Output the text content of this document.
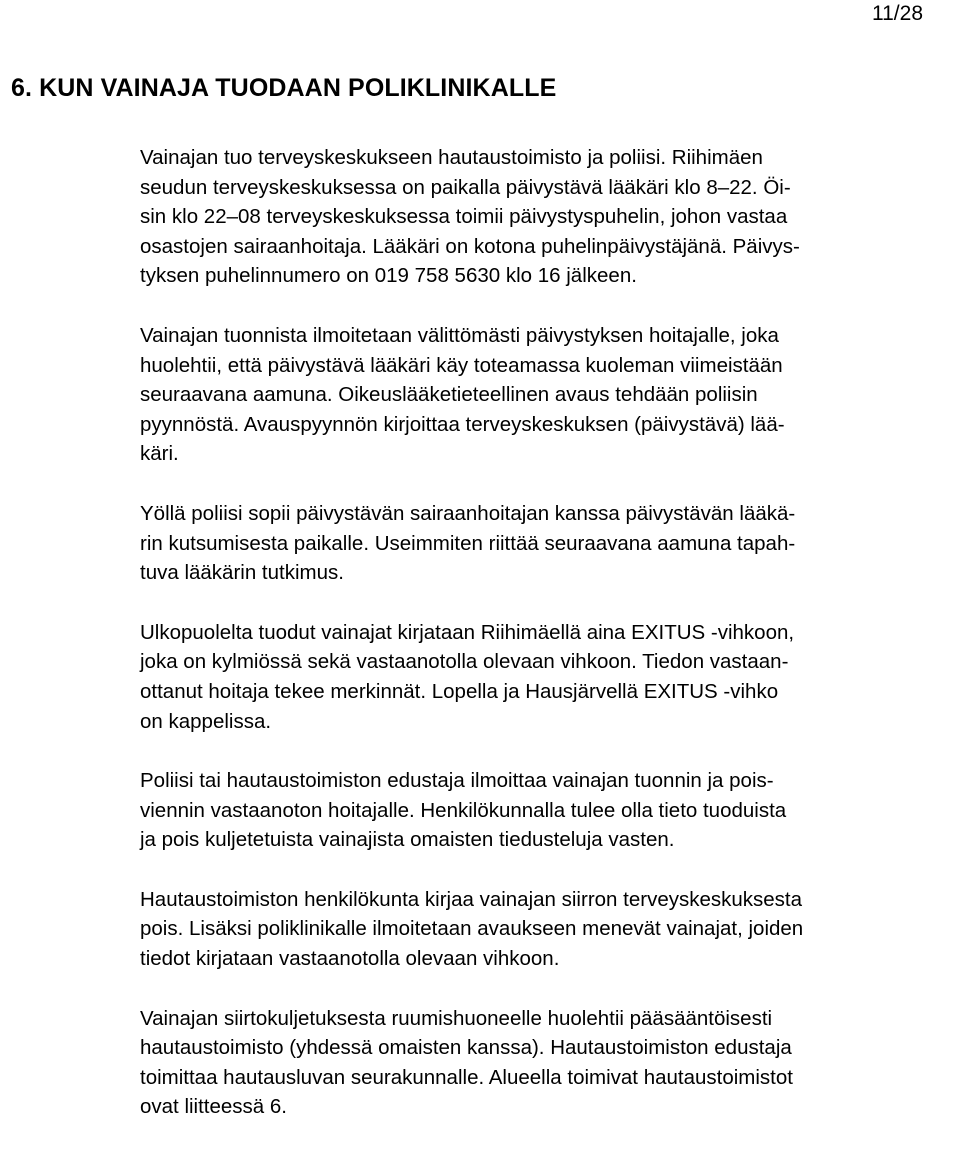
11/28

6. KUN VAINAJA TUODAAN POLIKLINIKALLE

Vainajan tuo terveyskeskukseen hautaustoimisto ja poliisi. Riihimäen
seudun terveyskeskuksessa on paikalla päivystävä lääkäri klo 8–22. Öi-
sin klo 22–08 terveyskeskuksessa toimii päivystyspuhelin, johon vastaa
osastojen sairaanhoitaja. Lääkäri on kotona puhelinpäivystäjänä. Päivys-
tyksen puhelinnumero on 019 758 5630 klo 16 jälkeen.

Vainajan tuonnista ilmoitetaan välittömästi päivystyksen hoitajalle, joka
huolehtii, että päivystävä lääkäri käy toteamassa kuoleman viimeistään
seuraavana aamuna. Oikeuslääketieteellinen avaus tehdään poliisin
pyynnöstä. Avauspyynnön kirjoittaa terveyskeskuksen (päivystävä) lää-
käri.

Yöllä poliisi sopii päivystävän sairaanhoitajan kanssa päivystävän lääkä-
rin kutsumisesta paikalle. Useimmiten riittää seuraavana aamuna tapah-
tuva lääkärin tutkimus.

Ulkopuolelta tuodut vainajat kirjataan Riihimäellä aina EXITUS -vihkoon,
joka on kylmiössä sekä vastaanotolla olevaan vihkoon. Tiedon vastaan-
ottanut hoitaja tekee merkinnät. Lopella ja Hausjärvellä EXITUS -vihko
on kappelissa.

Poliisi tai hautaustoimiston edustaja ilmoittaa vainajan tuonnin ja pois-
viennin vastaanoton hoitajalle. Henkilökunnalla tulee olla tieto tuoduista
ja pois kuljetetuista vainajista omaisten tiedusteluja vasten.

Hautaustoimiston henkilökunta kirjaa vainajan siirron terveyskeskuksesta
pois. Lisäksi poliklinikalle ilmoitetaan avaukseen menevät vainajat, joiden
tiedot kirjataan vastaanotolla olevaan vihkoon.

Vainajan siirtokuljetuksesta ruumishuoneelle huolehtii pääsääntöisesti
hautaustoimisto (yhdessä omaisten kanssa). Hautaustoimiston edustaja
toimittaa hautausluvan seurakunnalle. Alueella toimivat hautaustoimistot
ovat liitteessä 6.
